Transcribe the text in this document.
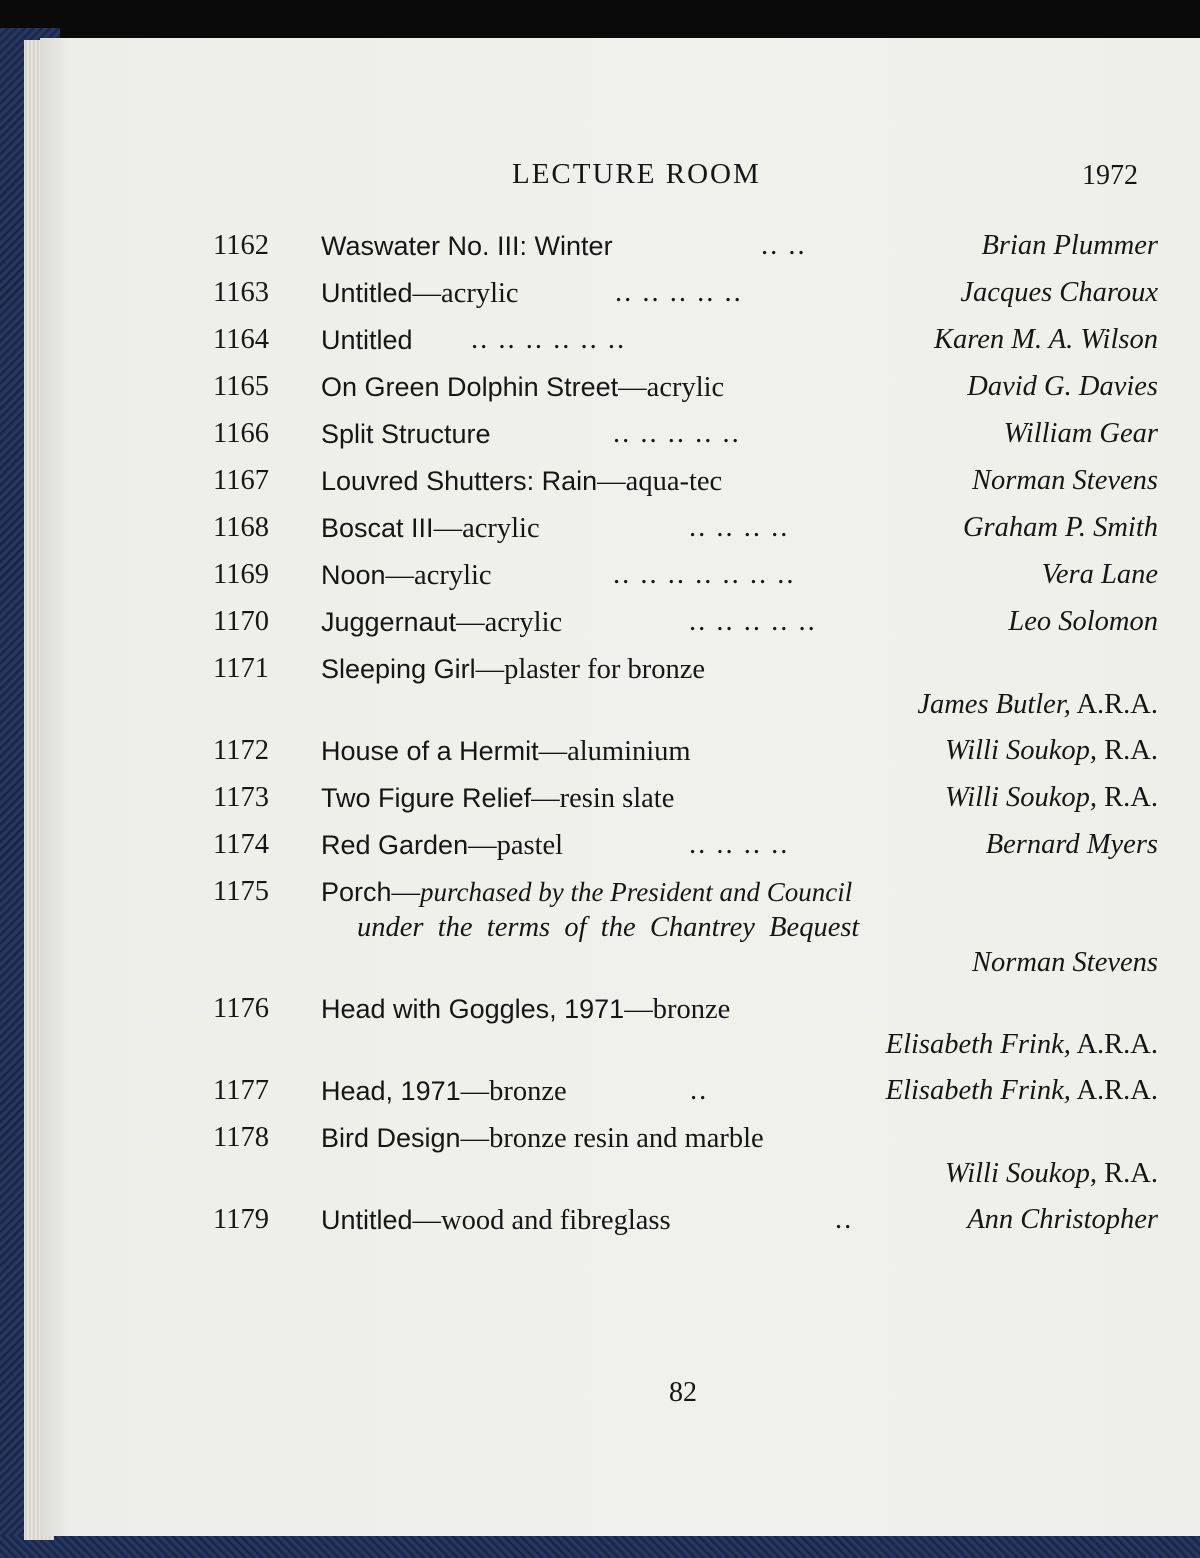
LECTURE ROOM	1972
1162 Waswater No. III: Winter	.. ..	Brian Plummer
1163 Untitled—acrylic	.. .. .. .. ..	Jacques Charoux
1164 Untitled .. .. .. .. .. ..	Karen M. A. Wilson
1165 On Green Dolphin Street—acrylic	David G. Davies
1166 Split Structure	.. .. .. .. ..	William Gear
1167 Louvred Shutters: Rain—aqua-tec	Norman Stevens
1168 Boscat III—acrylic	.. .. .. ..	Graham P. Smith
1169 Noon—acrylic	.. .. .. .. .. .. ..	Vera Lane
1170 Juggernaut—acrylic	.. .. .. .. ..	Leo Solomon
1171 Sleeping Girl—plaster for bronze
James Butler, A.R.A.
1172 House of a Hermit—aluminium	Willi Soukop, R.A.
1173 Two Figure Relief—resin slate	Willi Soukop, R.A.
1174 Red Garden—pastel	.. .. .. ..	Bernard Myers
1175 Porch—purchased by the President and Council
under  the  terms  of  the  Chantrey  Bequest
Norman Stevens
1176 Head with Goggles, 1971—bronze
Elisabeth Frink, A.R.A.
1177 Head, 1971—bronze	..	Elisabeth Frink, A.R.A.
1178 Bird Design—bronze resin and marble
Willi Soukop, R.A.
1179 Untitled—wood and fibreglass	..	Ann Christopher
82
